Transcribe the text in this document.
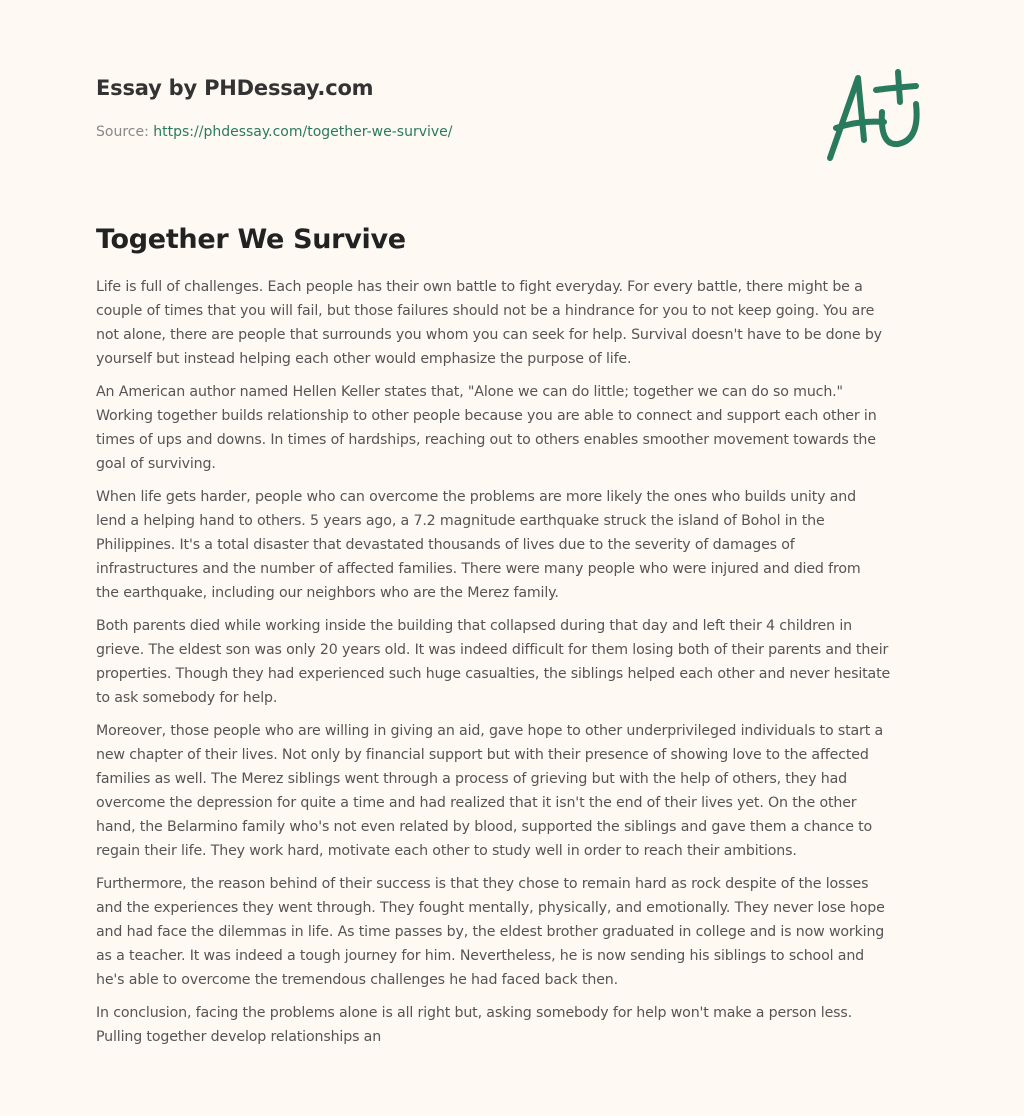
Essay by PHDessay.com
Source: https://phdessay.com/together-we-survive/
Together We Survive

Life is full of challenges. Each people has their own battle to fight everyday. For every battle, there might be a
couple of times that you will fail, but those failures should not be a hindrance for you to not keep going. You are
not alone, there are people that surrounds you whom you can seek for help. Survival doesn't have to be done by
yourself but instead helping each other would emphasize the purpose of life.

An American author named Hellen Keller states that, "Alone we can do little; together we can do so much."
Working together builds relationship to other people because you are able to connect and support each other in
times of ups and downs. In times of hardships, reaching out to others enables smoother movement towards the
goal of surviving.

When life gets harder, people who can overcome the problems are more likely the ones who builds unity and
lend a helping hand to others. 5 years ago, a 7.2 magnitude earthquake struck the island of Bohol in the
Philippines. It's a total disaster that devastated thousands of lives due to the severity of damages of
infrastructures and the number of affected families. There were many people who were injured and died from
the earthquake, including our neighbors who are the Merez family.

Both parents died while working inside the building that collapsed during that day and left their 4 children in
grieve. The eldest son was only 20 years old. It was indeed difficult for them losing both of their parents and their
properties. Though they had experienced such huge casualties, the siblings helped each other and never hesitate
to ask somebody for help.

Moreover, those people who are willing in giving an aid, gave hope to other underprivileged individuals to start a
new chapter of their lives. Not only by financial support but with their presence of showing love to the affected
families as well. The Merez siblings went through a process of grieving but with the help of others, they had
overcome the depression for quite a time and had realized that it isn't the end of their lives yet. On the other
hand, the Belarmino family who's not even related by blood, supported the siblings and gave them a chance to
regain their life. They work hard, motivate each other to study well in order to reach their ambitions.

Furthermore, the reason behind of their success is that they chose to remain hard as rock despite of the losses
and the experiences they went through. They fought mentally, physically, and emotionally. They never lose hope
and had face the dilemmas in life. As time passes by, the eldest brother graduated in college and is now working
as a teacher. It was indeed a tough journey for him. Nevertheless, he is now sending his siblings to school and
he's able to overcome the tremendous challenges he had faced back then.

In conclusion, facing the problems alone is all right but, asking somebody for help won't make a person less.
Pulling together develop relationships an
